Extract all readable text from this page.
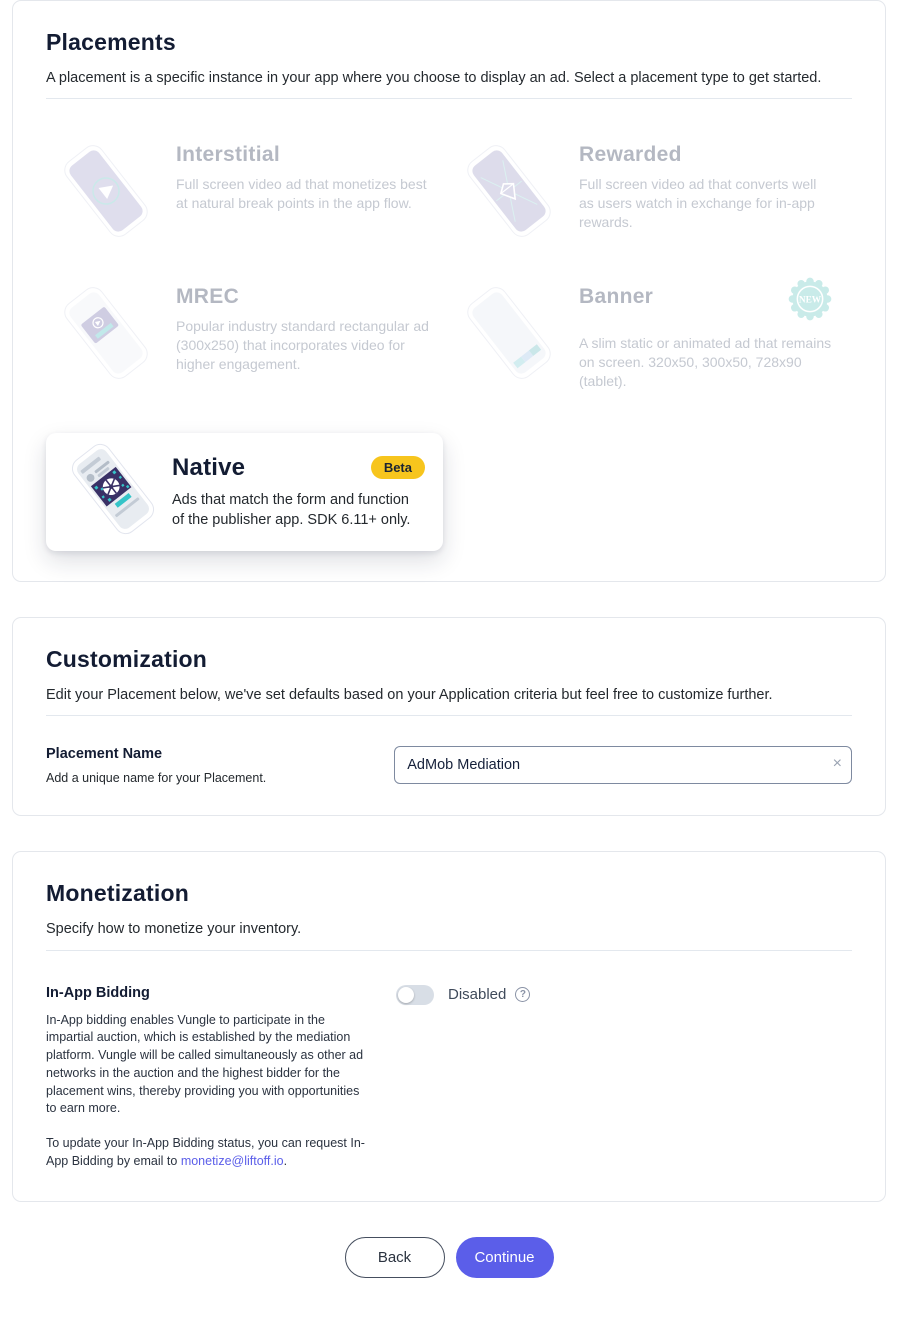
Placements

A placement is a specific instance in your app where you choose to display an ad. Select a placement type to get started.

Interstitial
Full screen video ad that monetizes best at natural break points in the app flow.
Rewarded
Full screen video ad that converts well as users watch in exchange for in-app rewards.
MREC
Popular industry standard rectangular ad (300x250) that incorporates video for higher engagement.
Banner	NEW
A slim static or animated ad that remains on screen. 320x50, 300x50, 728x90 (tablet).
Native	Beta
Ads that match the form and function of the publisher app. SDK 6.11+ only.
Customization

Edit your Placement below, we've set defaults based on your Application criteria but feel free to customize further.

Placement Name
Add a unique name for your Placement.
AdMob Mediation
×
Monetization

Specify how to monetize your inventory.

In-App Bidding

In-App bidding enables Vungle to participate in the impartial auction, which is established by the mediation platform. Vungle will be called simultaneously as other ad networks in the auction and the highest bidder for the placement wins, thereby providing you with opportunities to earn more.

To update your In-App Bidding status, you can request In-App Bidding by email to monetize@liftoff.io.

Disabled	?
Back	Continue
